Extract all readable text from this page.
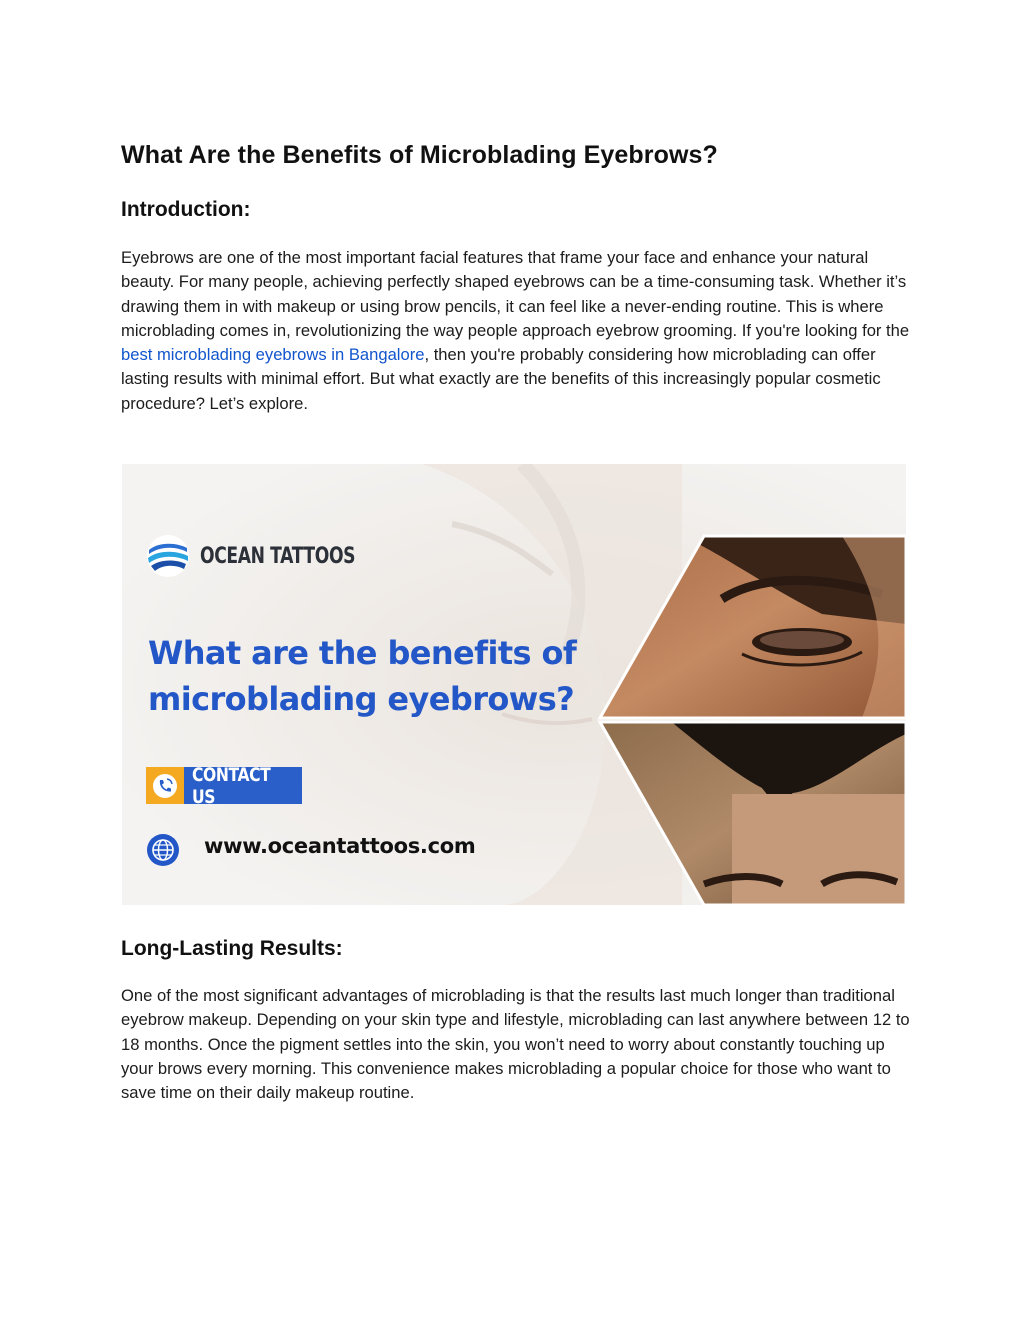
What Are the Benefits of Microblading Eyebrows?
Introduction:

Eyebrows are one of the most important facial features that frame your face and enhance your natural beauty. For many people, achieving perfectly shaped eyebrows can be a time-consuming task. Whether it’s drawing them in with makeup or using brow pencils, it can feel like a never-ending routine. This is where microblading comes in, revolutionizing the way people approach eyebrow grooming. If you're looking for the best microblading eyebrows in Bangalore, then you're probably considering how microblading can offer lasting results with minimal effort. But what exactly are the benefits of this increasingly popular cosmetic procedure? Let’s explore.

OCEAN TATTOOS
What are the benefits of microblading eyebrows?
CONTACT US
www.oceantattoos.com
Long-Lasting Results:

One of the most significant advantages of microblading is that the results last much longer than traditional eyebrow makeup. Depending on your skin type and lifestyle, microblading can last anywhere between 12 to 18 months. Once the pigment settles into the skin, you won’t need to worry about constantly touching up your brows every morning. This convenience makes microblading a popular choice for those who want to save time on their daily makeup routine.
